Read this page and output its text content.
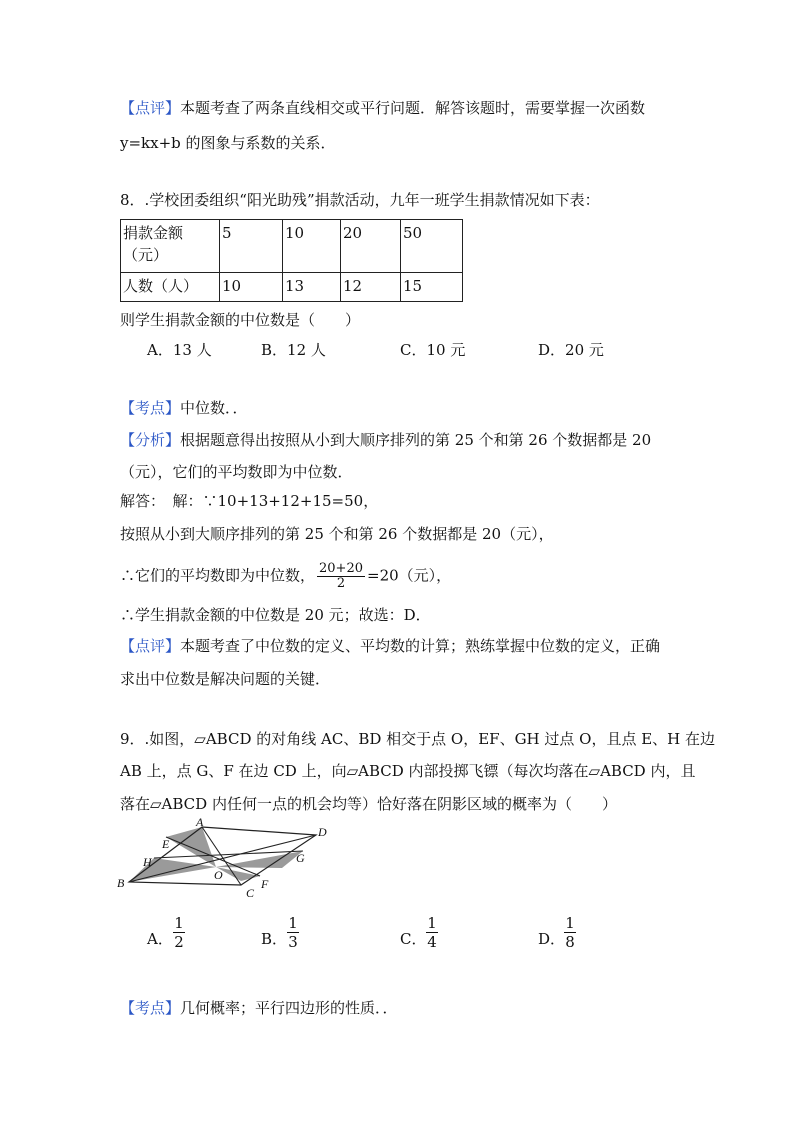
【点评】本题考查了两条直线相交或平行问题．解答该题时，需要掌握一次函数
y=kx+b 的图象与系数的关系．
8．.学校团委组织“阳光助残”捐款活动，九年一班学生捐款情况如下表：
捐款金额
（元）	5	10	20	50
人数（人）	10	13	12	15
则学生捐款金额的中位数是（　　）
A．13 人	B．12 人	C．10 元	D．20 元
【考点】中位数．．
【分析】根据题意得出按照从小到大顺序排列的第 25 个和第 26 个数据都是 20
（元），它们的平均数即为中位数．
解答：　解：∵10+13+12+15=50，
按照从小到大顺序排列的第 25 个和第 26 个数据都是 20（元），
∴它们的平均数即为中位数， $\frac{20+20}{2} =20$（元），
∴学生捐款金额的中位数是 20 元；故选：D．
【点评】本题考查了中位数的定义、平均数的计算；熟练掌握中位数的定义，正确
求出中位数是解决问题的关键．
9．.如图，▱ABCD 的对角线 AC、BD 相交于点 O，EF、GH 过点 O，且点 E、H 在边
AB 上，点 G、F 在边 CD 上，向▱ABCD 内部投掷飞镖（每次均落在▱ABCD 内，且
落在▱ABCD 内任何一点的机会均等）恰好落在阴影区域的概率为（　　）
A
E
H
B
O
F
C
G
D
A． $\frac{1}{2}$	B． $\frac{1}{3}$	C． $\frac{1}{4}$	D．
$\frac{1}{8}$
【考点】几何概率；平行四边形的性质．．
